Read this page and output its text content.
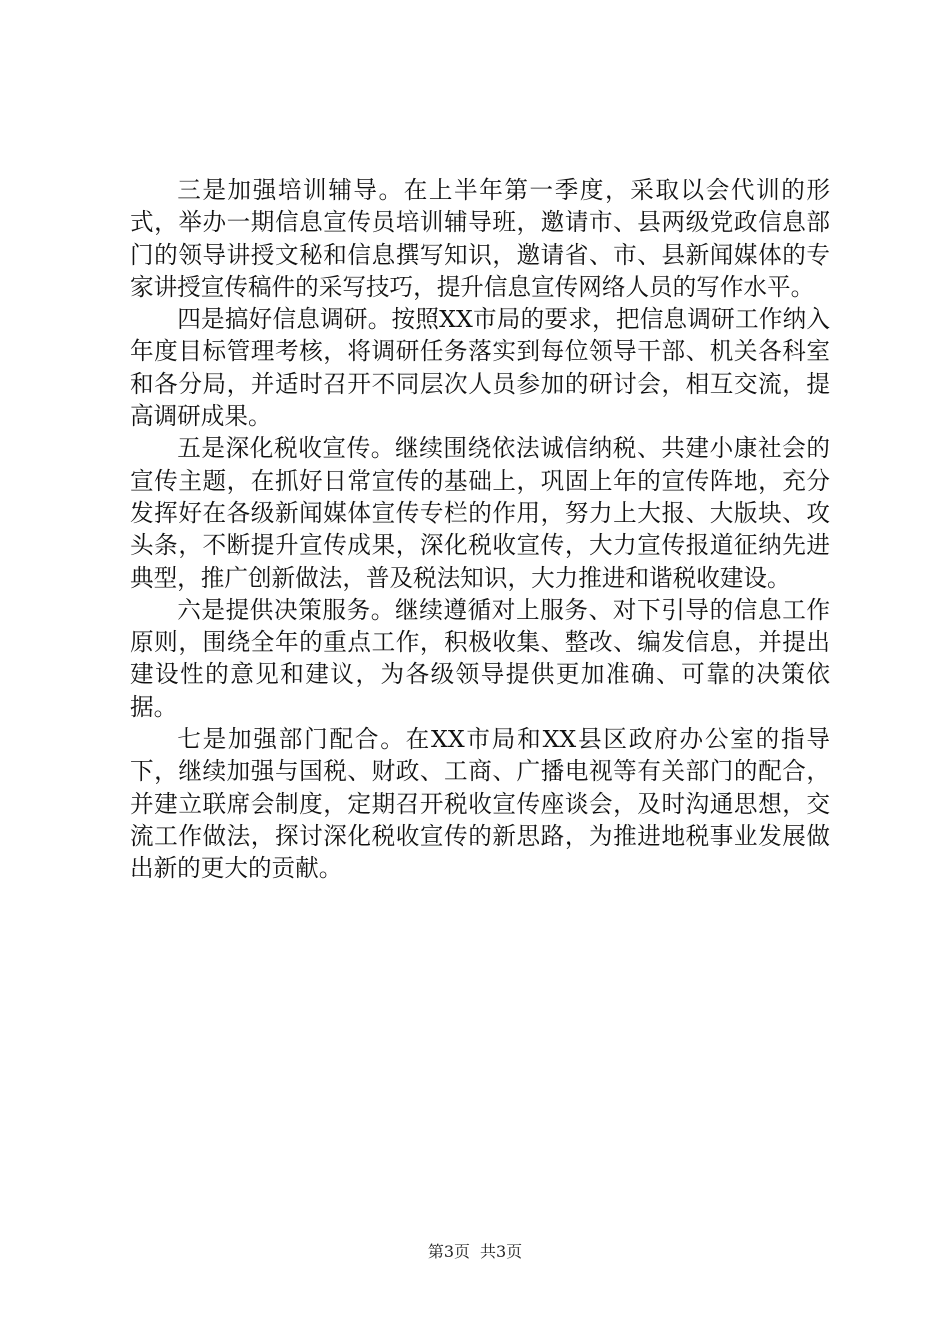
三是加强培训辅导。在上半年第一季度，采取以会代训的形式，举办一期信息宣传员培训辅导班，邀请市、县两级党政信息部门的领导讲授文秘和信息撰写知识，邀请省、市、县新闻媒体的专家讲授宣传稿件的采写技巧，提升信息宣传网络人员的写作水平。

四是搞好信息调研。按照XX市局的要求，把信息调研工作纳入年度目标管理考核，将调研任务落实到每位领导干部、机关各科室和各分局，并适时召开不同层次人员参加的研讨会，相互交流，提高调研成果。

五是深化税收宣传。继续围绕依法诚信纳税、共建小康社会的宣传主题，在抓好日常宣传的基础上，巩固上年的宣传阵地，充分发挥好在各级新闻媒体宣传专栏的作用，努力上大报、大版块、攻头条，不断提升宣传成果，深化税收宣传，大力宣传报道征纳先进典型，推广创新做法，普及税法知识，大力推进和谐税收建设。

六是提供决策服务。继续遵循对上服务、对下引导的信息工作原则，围绕全年的重点工作，积极收集、整改、编发信息，并提出建设性的意见和建议，为各级领导提供更加准确、可靠的决策依据。

七是加强部门配合。在XX市局和XX县区政府办公室的指导下，继续加强与国税、财政、工商、广播电视等有关部门的配合，并建立联席会制度，定期召开税收宣传座谈会，及时沟通思想，交流工作做法，探讨深化税收宣传的新思路，为推进地税事业发展做出新的更大的贡献。

第3页 共3页
